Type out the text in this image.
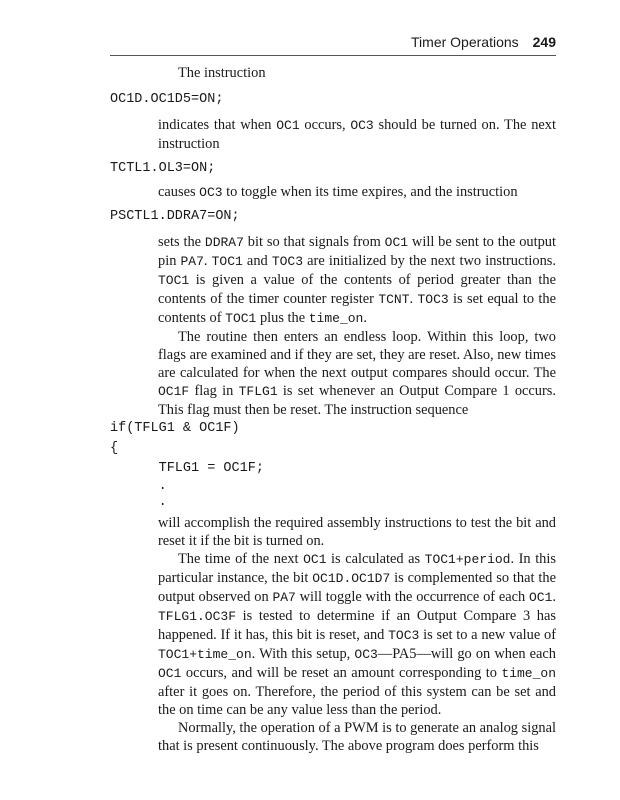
Timer Operations 249

The instruction

OC1D.OC1D5=ON;

indicates that when OC1 occurs, OC3 should be turned on. The next instruction

TCTL1.OL3=ON;

causes OC3 to toggle when its time expires, and the instruction

PSCTL1.DDRA7=ON;

sets the DDRA7 bit so that signals from OC1 will be sent to the output pin PA7. TOC1 and TOC3 are initialized by the next two instructions. TOC1 is given a value of the contents of period greater than the contents of the timer counter register TCNT. TOC3 is set equal to the contents of TOC1 plus the time_on.

The routine then enters an endless loop. Within this loop, two flags are examined and if they are set, they are reset. Also, new times are calculated for when the next output compares should occur. The OC1F flag in TFLG1 is set whenever an Output Compare 1 occurs. This flag must then be reset. The instruction sequence

if(TFLG1 & OC1F)
{
TFLG1 = OC1F;
.
.

will accomplish the required assembly instructions to test the bit and reset it if the bit is turned on.

The time of the next OC1 is calculated as TOC1+period. In this particular instance, the bit OC1D.OC1D7 is complemented so that the output observed on PA7 will toggle with the occurrence of each OC1. TFLG1.OC3F is tested to determine if an Output Compare 3 has happened. If it has, this bit is reset, and TOC3 is set to a new value of TOC1+time_on. With this setup, OC3—PA5—will go on when each OC1 occurs, and will be reset an amount corresponding to time_on after it goes on. Therefore, the period of this system can be set and the on time can be any value less than the period.

Normally, the operation of a PWM is to generate an analog signal that is present continuously. The above program does perform this
